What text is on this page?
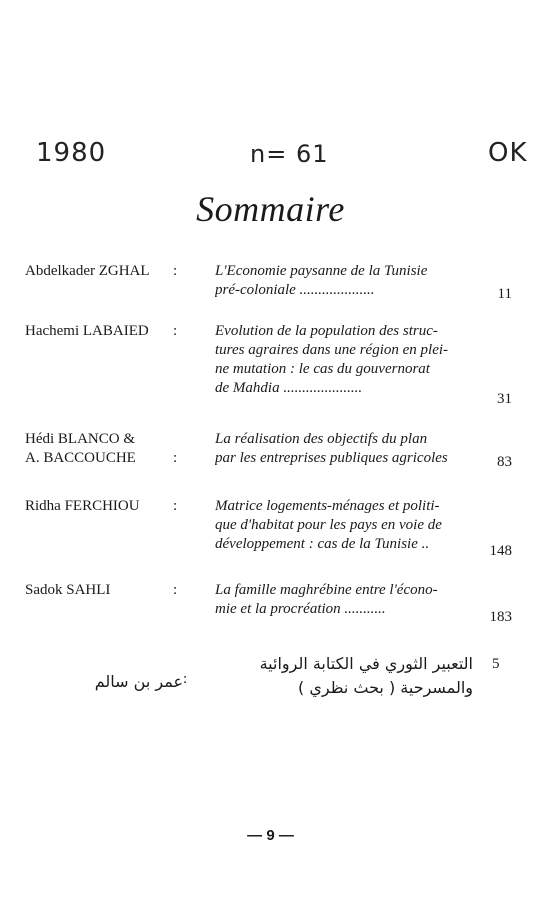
1980	n= 61	OK
Sommaire
Abdelkader ZGHAL	:	L'Economie paysanne de la Tunisie
pré-coloniale ....................	11
Hachemi LABAIED	:	Evolution de la population des struc-
tures agraires dans une région en plei-
ne mutation : le cas du gouvernorat
de Mahdia .....................
31
Hédi BLANCO &
A. BACCOUCHE	:
La réalisation des objectifs du plan
par les entreprises publiques agricoles	83
Ridha FERCHIOU	:	Matrice logements-ménages et politi-
que d'habitat pour les pays en voie de
développement : cas de la Tunisie ..	148
Sadok SAHLI	:	La famille maghrébine entre l'écono-
mie et la procréation ...........	183
عمر بن سالم :
التعبير الثوري في الكتابة الروائية
والمسرحية ( بحث نظري )
5
— 9 —
